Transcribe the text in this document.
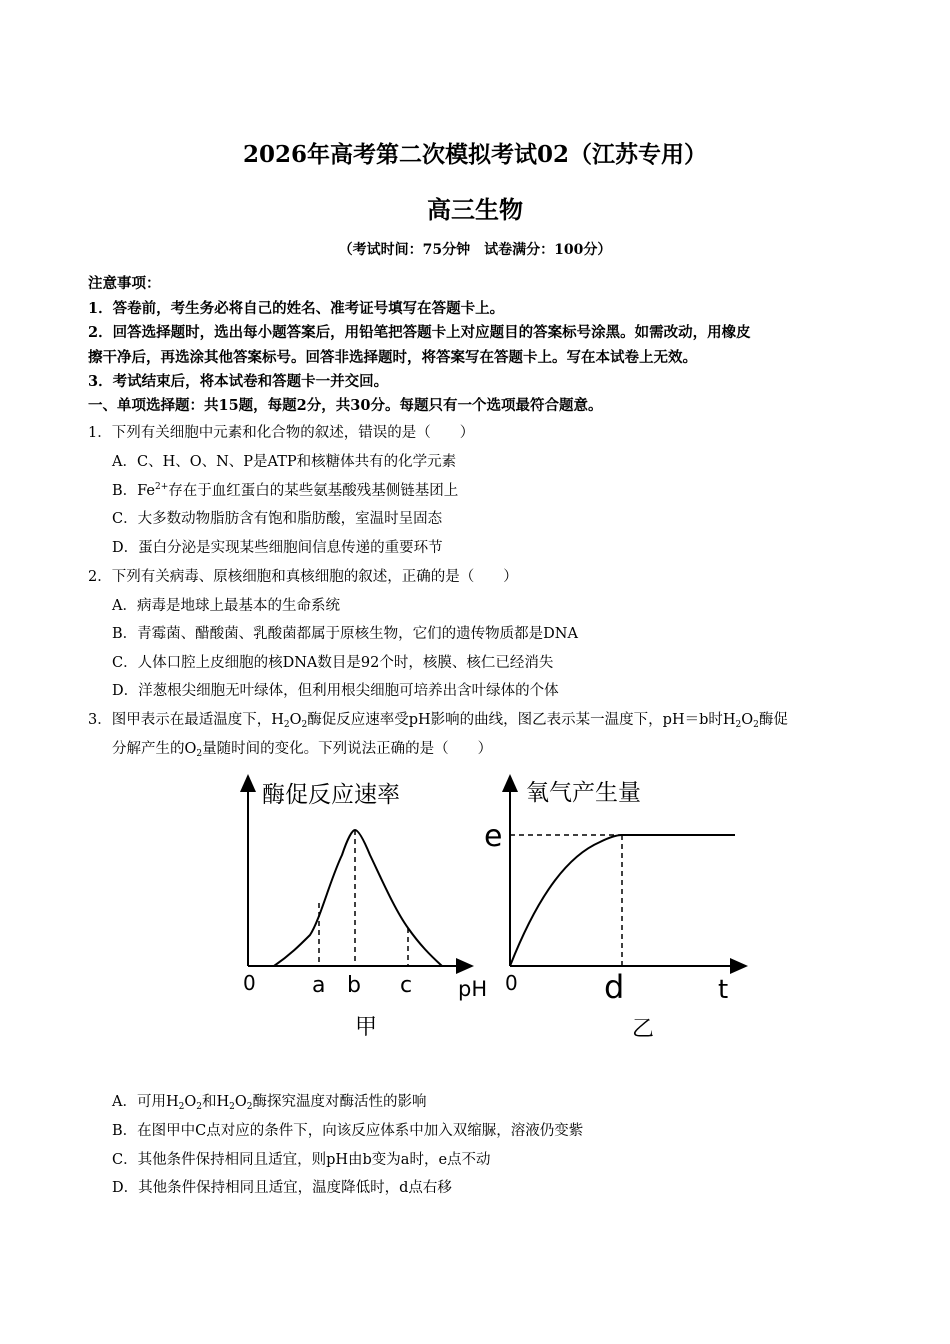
2026年高考第二次模拟考试02（江苏专用）
高三生物
（考试时间：75分钟　试卷满分：100分）
注意事项：
1．答卷前，考生务必将自己的姓名、准考证号填写在答题卡上。
2．回答选择题时，选出每小题答案后，用铅笔把答题卡上对应题目的答案标号涂黑。如需改动，用橡皮
擦干净后，再选涂其他答案标号。回答非选择题时，将答案写在答题卡上。写在本试卷上无效。
3．考试结束后，将本试卷和答题卡一并交回。
一、单项选择题：共15题，每题2分，共30分。每题只有一个选项最符合题意。
1．下列有关细胞中元素和化合物的叙述，错误的是（　　）
A．C、H、O、N、P是ATP和核糖体共有的化学元素
B．$Fe^{2+}$存在于血红蛋白的某些氨基酸残基侧链基团上
C．大多数动物脂肪含有饱和脂肪酸，室温时呈固态
D．蛋白分泌是实现某些细胞间信息传递的重要环节
2．下列有关病毒、原核细胞和真核细胞的叙述，正确的是（　　）
A．病毒是地球上最基本的生命系统
B．青霉菌、醋酸菌、乳酸菌都属于原核生物，它们的遗传物质都是DNA
C．人体口腔上皮细胞的核DNA数目是92个时，核膜、核仁已经消失
D．洋葱根尖细胞无叶绿体，但利用根尖细胞可培养出含叶绿体的个体
3．图甲表示在最适温度下，$H_2O_2$酶促反应速率受pH影响的曲线，图乙表示某一温度下，pH＝b时$H_2O_2$酶促
分解产生的$O_2$量随时间的变化。下列说法正确的是（　　）
酶促反应速率
0	a b c pH
甲
氧气产生量
e
0	d	t
乙
A．可用$H_2O_2$和$H_2O_2$酶探究温度对酶活性的影响
B．在图甲中C点对应的条件下，向该反应体系中加入双缩脲，溶液仍变紫
C．其他条件保持相同且适宜，则pH由b变为a时，e点不动
D．其他条件保持相同且适宜，温度降低时，d点右移
